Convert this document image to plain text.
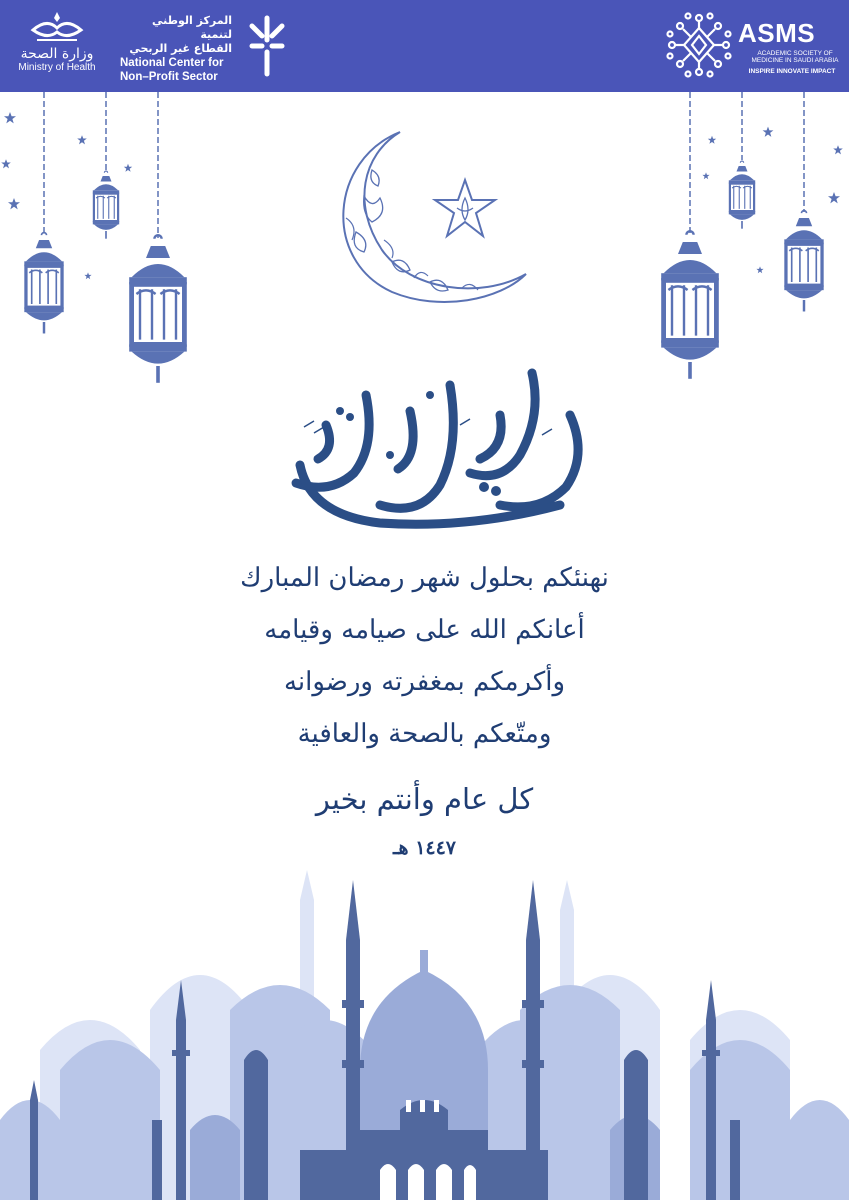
وزارة الصحة
Ministry of Health
المركز الوطني لتنمية
القطاع غير الربحي
National Center for
Non–Profit Sector
ASMS
ACADEMIC SOCIETY OF
MEDICINE IN SAUDI ARABIA
INSPIRE INNOVATE IMPACT
نهنئكم بحلول شهر رمضان المبارك
أعانكم الله على صيامه وقيامه
وأكرمكم بمغفرته ورضوانه
ومتّعكم بالصحة والعافية
كل عام وأنتم بخير
١٤٤٧ هـ
